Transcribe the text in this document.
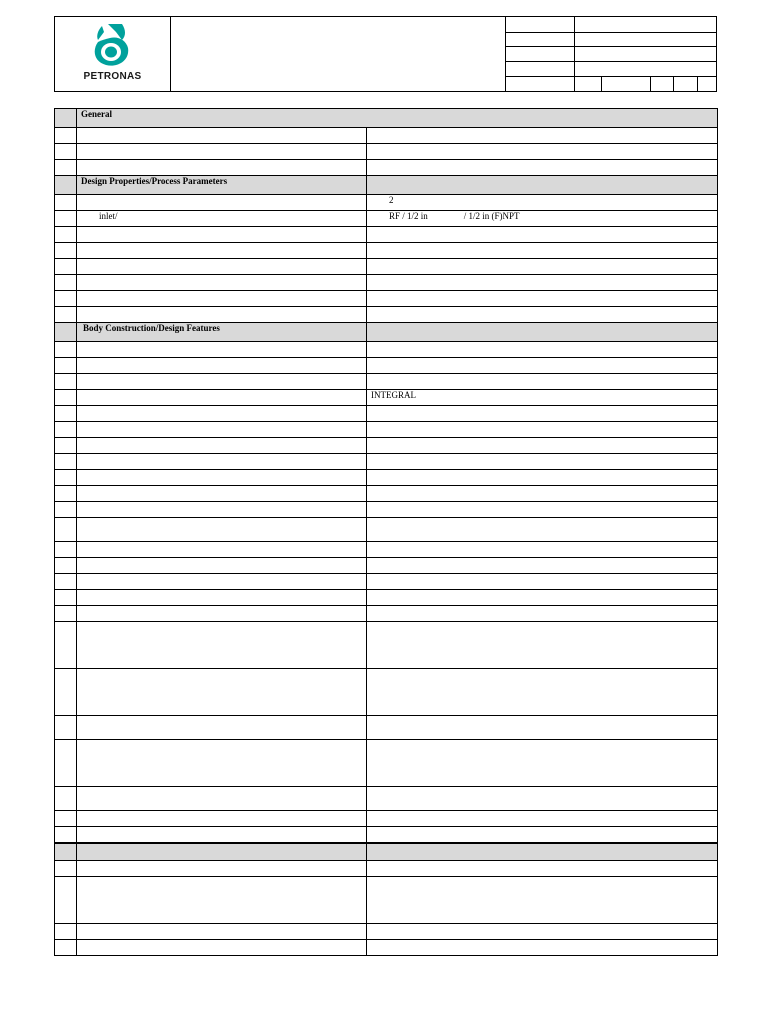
PETRONAS
	General	

	Design Properties/Process Parameters	
		2
	inlet/	RF / 1/2 in / 1/2 in (F)NPT

	Body Construction/Design Features	

		INTEGRAL
